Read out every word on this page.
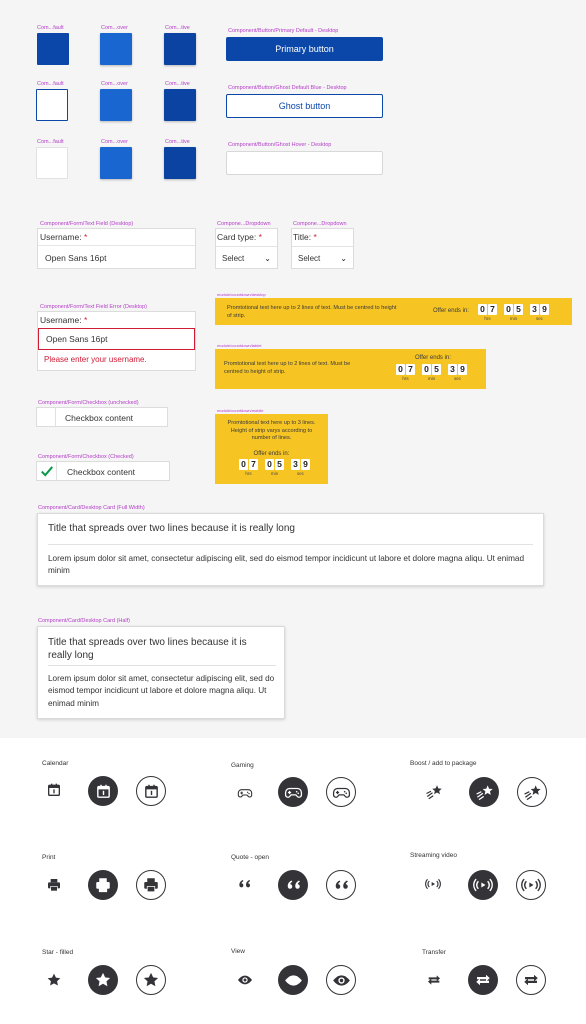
Com...fault	Com...over	Com...tive	Component/Button/Primary Default - Desktop
Primary button
Com...fault	Com...over	Com...tive
Component/Button/Ghost Default Blue - Desktop
Ghost button
Com...fault	Com...over	Com...tive	Component/Button/Ghost Hover - Desktop
Component/Form/Text Field (Desktop)
Username: *
Open Sans 16pt
Compone...Dropdown
Card type: *
Select	⌄
Compone...Dropdown
Title: *
Select	⌄
Component/Form/Text Field Error (Desktop)
Username: *
Open Sans 16pt
Please enter your username.
Component/Form/Checkbox (unchecked)
Checkbox content
Component/Form/Checkbox (Checked)
Checkbox content
module/countdown/desktop
Promtotional text here up to 2 lines of text. Must be centred to height of strip.
Offer ends in: 0 7 0 5 3 9
hrs	min	sec
module/countdown/tablet
Promtotional text here up to 2 lines of text. Must be centred to height of strip.
Offer ends in:
0 7 0 5 3 9
hrs	min	sec
module/countdown/mobile
Promtotional text here up to 3 lines. Height of strip varys according to number of lines.
Offer ends in:
0 7 0 5 3 9
hrs	min	sec
Component/Card/Desktop Card (Full Width)
Title that spreads over two lines because it is really long
Lorem ipsum dolor sit amet, consectetur adipiscing elit, sed do eismod tempor incidicunt ut labore et dolore magna aliqu. Ut enimad minim
Component/Card/Desktop Card (Half)
Title that spreads over two lines because it is really long
Lorem ipsum dolor sit amet, consectetur adipiscing elit, sed do eismod tempor incidicunt ut labore et dolore magna aliqu. Ut enimad minim
Calendar	Gaming	Boost / add to package
Print	Quote - open	Streaming video
Star - filled	View	Transfer
